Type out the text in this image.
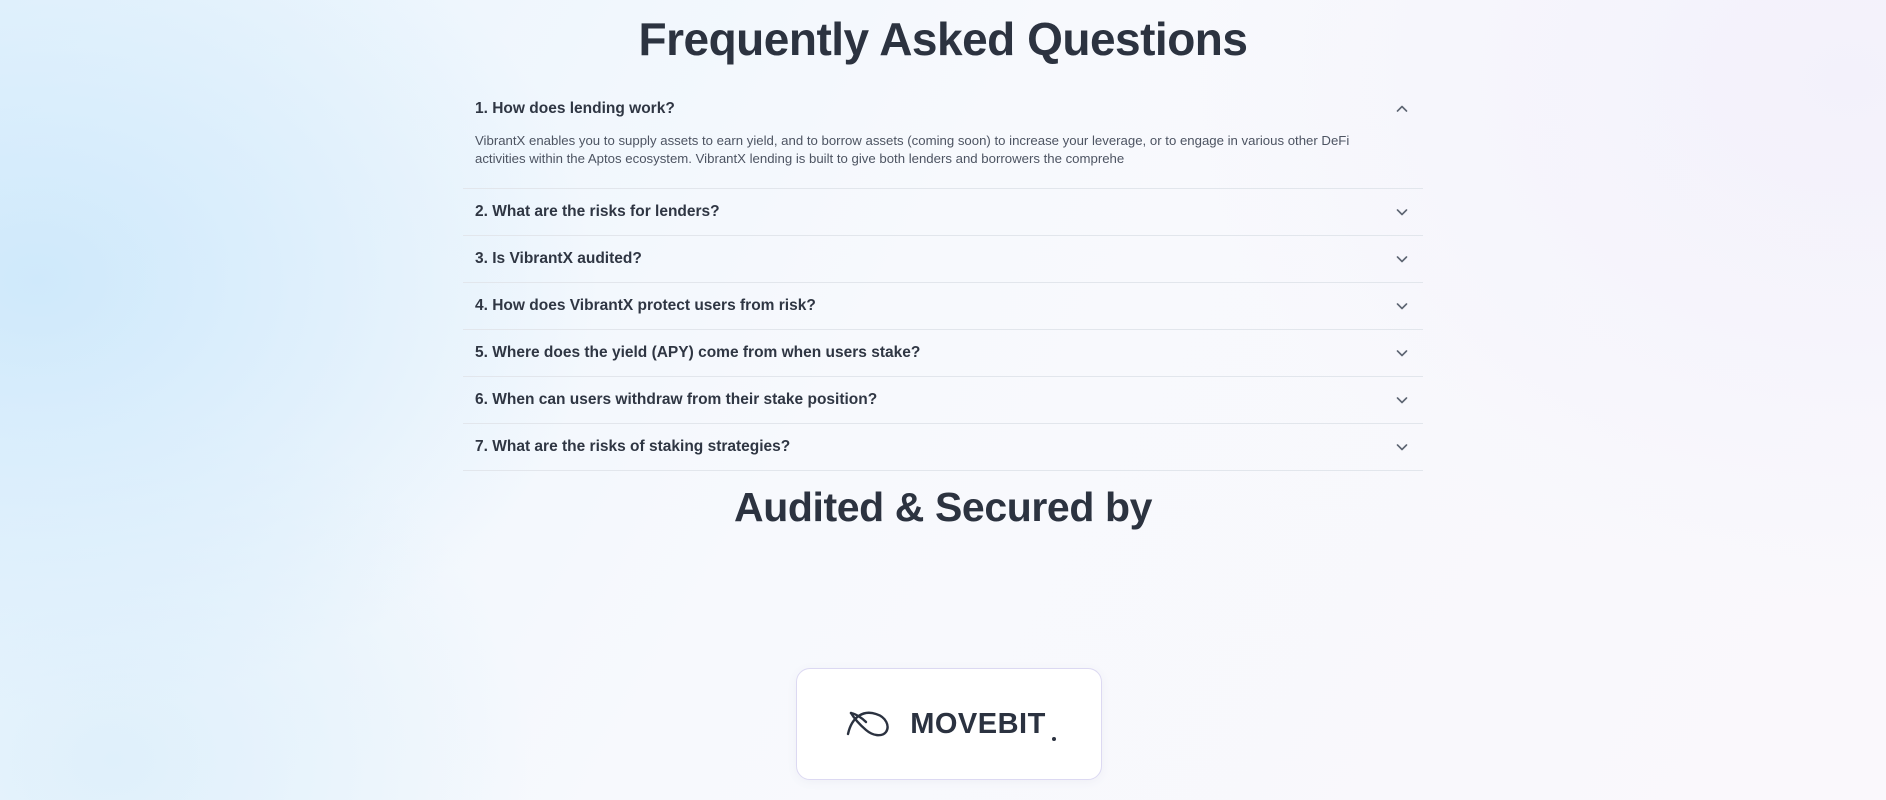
Frequently Asked Questions
1. How does lending work?
VibrantX enables you to supply assets to earn yield, and to borrow assets (coming soon) to increase your leverage, or to engage in various other DeFi activities within the Aptos ecosystem. VibrantX lending is built to give both lenders and borrowers the comprehe
2. What are the risks for lenders?
3. Is VibrantX audited?
4. How does VibrantX protect users from risk?
5. Where does the yield (APY) come from when users stake?
6. When can users withdraw from their stake position?
7. What are the risks of staking strategies?
Audited & Secured by
MOVEBIT
